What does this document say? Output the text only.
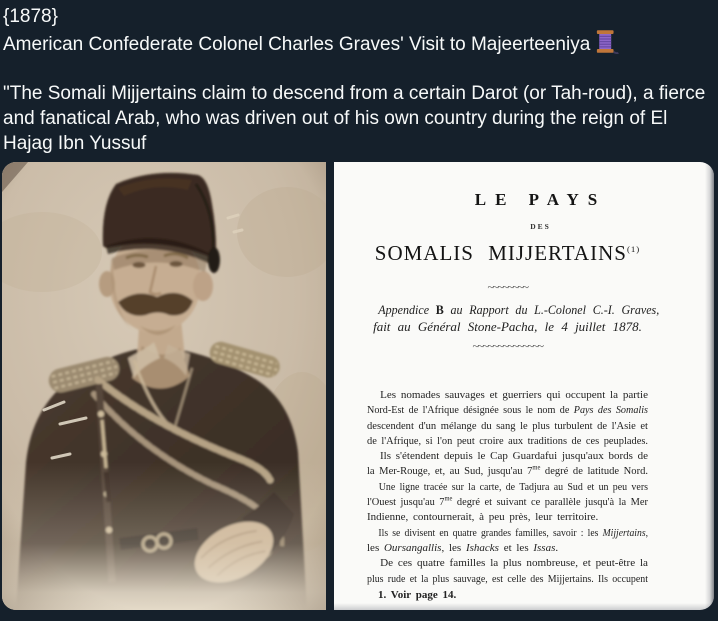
{1878}
American Confederate Colonel Charles Graves' Visit to Majeerteeniya
"The Somali Mijjertains claim to descend from a certain Darot (or Tah-roud), a fierce
and fanatical Arab, who was driven out of his own country during the reign of El
Hajag Ibn Yussuf
LE PAYS
DES
SOMALIS MIJJERTAINS$^{(1)}$
~~~~~~~~
Appendice B au Rapport du L.-Colonel C.-I. Graves,
fait au Général Stone-Pacha, le 4 juillet 1878.
~~~~~~~~~~~~~~
Les nomades sauvages et guerriers qui occupent la partie
Nord-Est de l'Afrique désignée sous le nom de Pays des Somalis
descendent d'un mélange du sang le plus turbulent de l'Asie et
de l'Afrique, si l'on peut croire aux traditions de ces peuplades.
Ils s'étendent depuis le Cap Guardafui jusqu'aux bords de
la Mer-Rouge, et, au Sud, jusqu'au $7^{me}$ degré de latitude Nord.
Une ligne tracée sur la carte, de Tadjura au Sud et un peu vers
l'Ouest jusqu'au $7^{me}$ degré et suivant ce parallèle jusqu'à la Mer
Indienne, contournerait, à peu près, leur territoire.
Ils se divisent en quatre grandes familles, savoir : les Mijjertains,
les Oursangallis, les Ishacks et les Issas.
De ces quatre familles la plus nombreuse, et peut-être la
plus rude et la plus sauvage, est celle des Mijjertains. Ils occupent
1. Voir page 14.
